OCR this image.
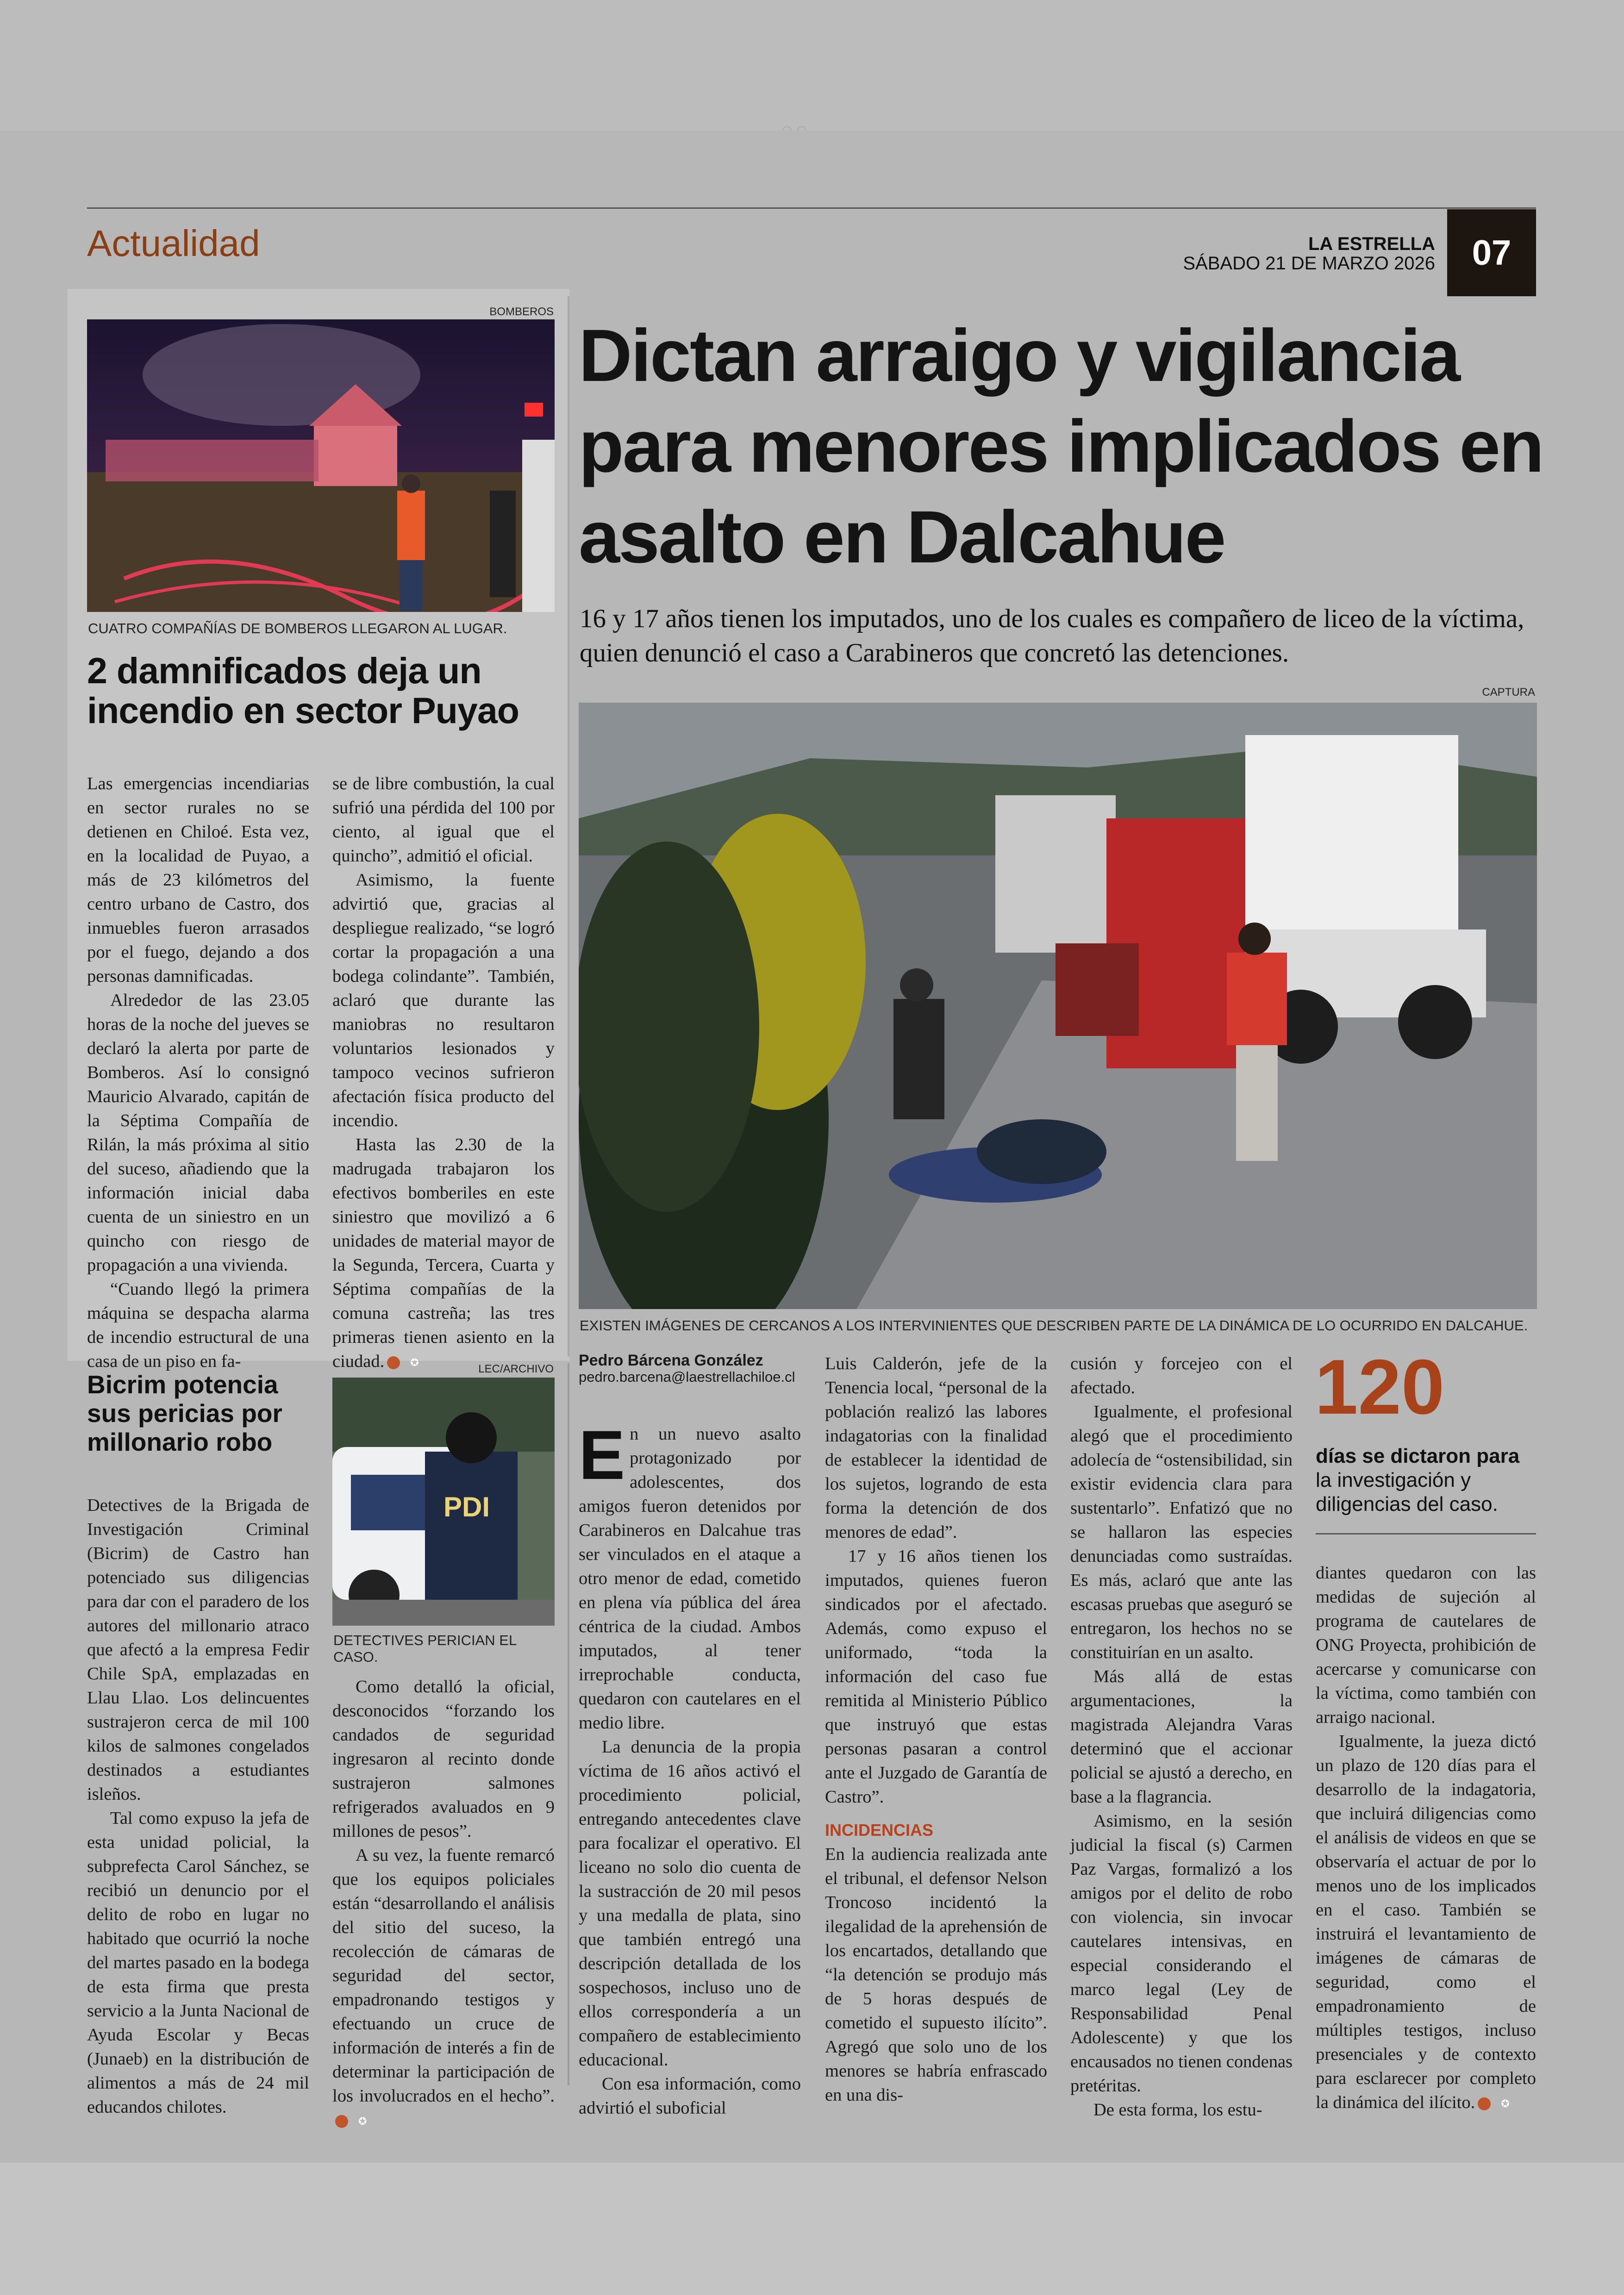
Actualidad	LA ESTRELLA
SÁBADO 21 DE MARZO 2026	07
BOMBEROS
CUATRO COMPAÑÍAS DE BOMBEROS LLEGARON AL LUGAR.
2 damnificados deja un incendio en sector Puyao

Las emergencias incendiarias en sector rurales no se detienen en Chiloé. Esta vez, en la localidad de Puyao, a más de 23 kilómetros del centro urbano de Castro, dos inmuebles fueron arrasados por el fuego, dejando a dos personas damnificadas.

Alrededor de las 23.05 horas de la noche del jueves se declaró la alerta por parte de Bomberos. Así lo consignó Mauricio Alvarado, capitán de la Séptima Compañía de Rilán, la más próxima al sitio del suceso, añadiendo que la información inicial daba cuenta de un siniestro en un quincho con riesgo de propagación a una vivienda.

“Cuando llegó la primera máquina se despacha alarma de incendio estructural de una casa de un piso en fa-

se de libre combustión, la cual sufrió una pérdida del 100 por ciento, al igual que el quincho”, admitió el oficial.

Asimismo, la fuente advirtió que, gracias al despliegue realizado, “se logró cortar la propagación a una bodega colindante”. También, aclaró que durante las maniobras no resultaron voluntarios lesionados y tampoco vecinos sufrieron afectación física producto del incendio.

Hasta las 2.30 de la madrugada trabajaron los efectivos bomberiles en este siniestro que movilizó a 6 unidades de material mayor de la Segunda, Tercera, Cuarta y Séptima compañías de la comuna castreña; las tres primeras tienen asiento en la ciudad.	✪

Bicrim potencia sus pericias por millonario robo
LEC/ARCHIVO
PDI
DETECTIVES PERICIAN EL CASO.

Detectives de la Brigada de Investigación Criminal (Bicrim) de Castro han potenciado sus diligencias para dar con el paradero de los autores del millonario atraco que afectó a la empresa Fedir Chile SpA, emplazadas en Llau Llao. Los delincuentes sustrajeron cerca de mil 100 kilos de salmones congelados destinados a estudiantes isleños.

Tal como expuso la jefa de esta unidad policial, la subprefecta Carol Sánchez, se recibió un denuncio por el delito de robo en lugar no habitado que ocurrió la noche del martes pasado en la bodega de esta firma que presta servicio a la Junta Nacional de Ayuda Escolar y Becas (Junaeb) en la distribución de alimentos a más de 24 mil educandos chilotes.

Como detalló la oficial, desconocidos “forzando los candados de seguridad ingresaron al recinto donde sustrajeron salmones refrigerados avaluados en 9 millones de pesos”.

A su vez, la fuente remarcó que los equipos policiales están “desarrollando el análisis del sitio del suceso, la recolección de cámaras de seguridad del sector, empadronando testigos y efectuando un cruce de información de interés a fin de determinar la participación de los involucrados en el hecho”.✪

Dictan arraigo y vigilancia para menores implicados en asalto en Dalcahue
16 y 17 años tienen los imputados, uno de los cuales es compañero de liceo de la víctima, quien denunció el caso a Carabineros que concretó las detenciones.
CAPTURA
EXISTEN IMÁGENES DE CERCANOS A LOS INTERVINIENTES QUE DESCRIBEN PARTE DE LA DINÁMICA DE LO OCURRIDO EN DALCAHUE.
Pedro Bárcena González
pedro.barcena@laestrellachiloe.cl

En un nuevo asalto protagonizado por adolescentes, dos amigos fueron detenidos por Carabineros en Dalcahue tras ser vinculados en el ataque a otro menor de edad, cometido en plena vía pública del área céntrica de la ciudad. Ambos imputados, al tener irreprochable conducta, quedaron con cautelares en el medio libre.

La denuncia de la propia víctima de 16 años activó el procedimiento policial, entregando antecedentes clave para focalizar el operativo. El liceano no solo dio cuenta de la sustracción de 20 mil pesos y una medalla de plata, sino que también entregó una descripción detallada de los sospechosos, incluso uno de ellos correspondería a un compañero de establecimiento educacional.

Con esa información, como advirtió el suboficial

Luis Calderón, jefe de la Tenencia local, “personal de la población realizó las labores indagatorias con la finalidad de establecer la identidad de los sujetos, logrando de esta forma la detención de dos menores de edad”.

17 y 16 años tienen los imputados, quienes fueron sindicados por el afectado. Además, como expuso el uniformado, “toda la información del caso fue remitida al Ministerio Público que instruyó que estas personas pasaran a control ante el Juzgado de Garantía de Castro”.

INCIDENCIAS

En la audiencia realizada ante el tribunal, el defensor Nelson Troncoso incidentó la ilegalidad de la aprehensión de los encartados, detallando que “la detención se produjo más de 5 horas después de cometido el supuesto ilícito”. Agregó que solo uno de los menores se habría enfrascado en una dis-

cusión y forcejeo con el afectado.

Igualmente, el profesional alegó que el procedimiento adolecía de “ostensibilidad, sin existir evidencia clara para sustentarlo”. Enfatizó que no se hallaron las especies denunciadas como sustraídas. Es más, aclaró que ante las escasas pruebas que aseguró se entregaron, los hechos no se constituirían en un asalto.

Más allá de estas argumentaciones, la magistrada Alejandra Varas determinó que el accionar policial se ajustó a derecho, en base a la flagrancia.

Asimismo, en la sesión judicial la fiscal (s) Carmen Paz Vargas, formalizó a los amigos por el delito de robo con violencia, sin invocar cautelares intensivas, en especial considerando el marco legal (Ley de Responsabilidad Penal Adolescente) y que los encausados no tienen condenas pretéritas.

De esta forma, los estu-

120
días se dictaron para la investigación y diligencias del caso.

diantes quedaron con las medidas de sujeción al programa de cautelares de ONG Proyecta, prohibición de acercarse y comunicarse con la víctima, como también con arraigo nacional.

Igualmente, la jueza dictó un plazo de 120 días para el desarrollo de la indagatoria, que incluirá diligencias como el análisis de videos en que se observaría el actuar de por lo menos uno de los implicados en el caso. También se instruirá el levantamiento de imágenes de cámaras de seguridad, como el empadronamiento de múltiples testigos, incluso presenciales y de contexto para esclarecer por completo la dinámica del ilícito.	✪
